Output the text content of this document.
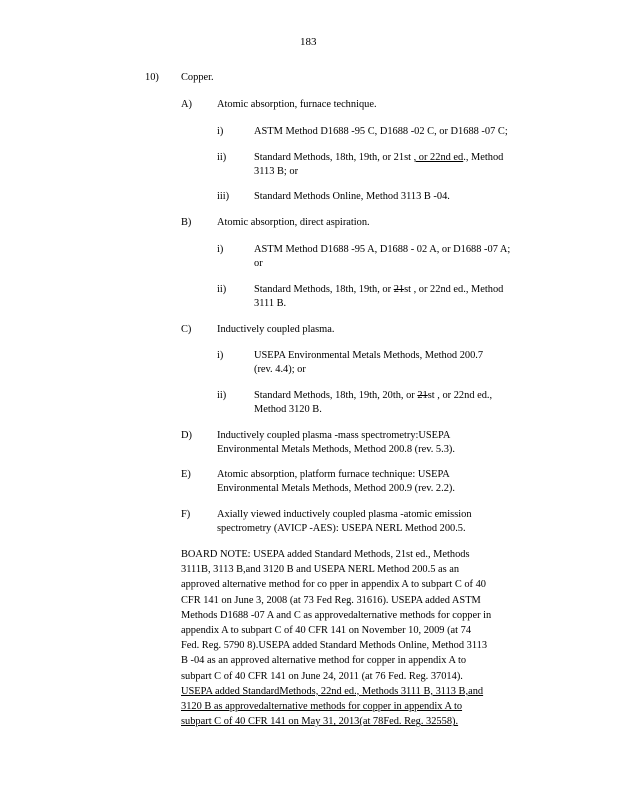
183
10) Copper.
A) Atomic absorption, furnace technique.
i)	ASTM Method D1688 -95 C, D1688 -02 C, or D1688 -07 C;
ii)	Standard Methods, 18th, 19th, or 21st , or 22nd ed., Method
3113 B; or
iii) Standard Methods Online, Method 3113 B -04.
B) Atomic absorption, direct aspiration.
i)	ASTM Method D1688 -95 A, D1688 - 02 A, or D1688 -07 A;
or
ii)	Standard Methods, 18th, 19th, or 21st , or 22nd ed., Method
3111 B.
C) Inductively coupled plasma.
i)	USEPA Environmental Metals Methods, Method 200.7
(rev. 4.4); or
ii)	Standard Methods, 18th, 19th, 20th, or 21st , or 22nd ed.,
Method 3120 B.
D) Inductively coupled plasma -mass spectrometry:USEPA
Environmental Metals Methods, Method 200.8 (rev. 5.3).
E)	Atomic absorption, platform furnace technique: USEPA
Environmental Metals Methods, Method 200.9 (rev. 2.2).
F)	Axially viewed inductively coupled plasma -atomic emission
spectrometry (AVICP -AES): USEPA NERL Method 200.5.
BOARD NOTE: USEPA added Standard Methods, 21st ed., Methods
3111B, 3113 B,and 3120 B and USEPA NERL Method 200.5 as an
approved alternative method for co pper in appendix A to subpart C of 40
CFR 141 on June 3, 2008 (at 73 Fed Reg. 31616). USEPA added ASTM
Methods D1688 -07 A and C as approvedalternative methods for copper in
appendix A to subpart C of 40 CFR 141 on November 10, 2009 (at 74
Fed. Reg. 5790 8).USEPA added Standard Methods Online, Method 3113
B -04 as an approved alternative method for copper in appendix A to
subpart C of 40 CFR 141 on June 24, 2011 (at 76 Fed. Reg. 37014).
USEPA added StandardMethods, 22nd ed., Methods 3111 B, 3113 B,and
3120 B as approvedalternative methods for copper in appendix A to
subpart C of 40 CFR 141 on May 31, 2013(at 78Fed. Reg. 32558).
